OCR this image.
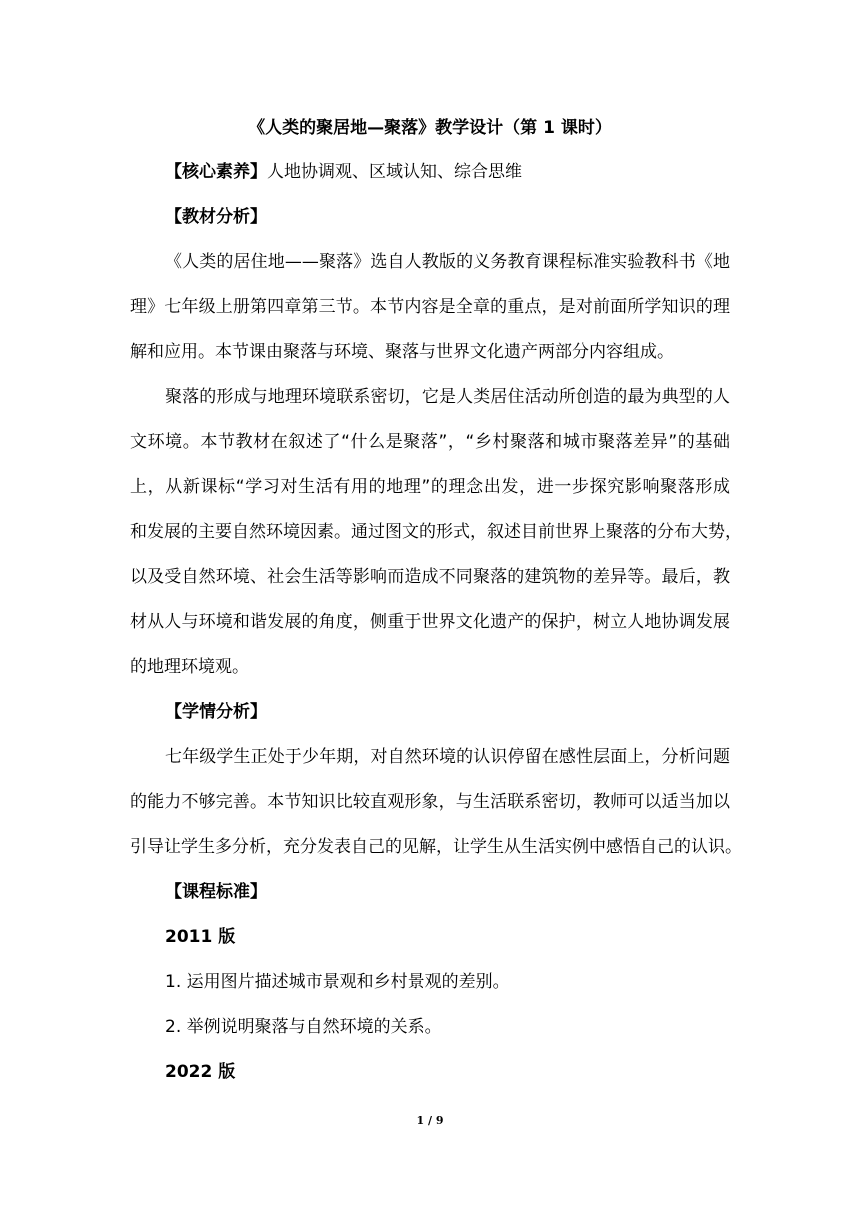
《人类的聚居地—聚落》教学设计（第 1 课时）
【核心素养】人地协调观、区域认知、综合思维
【教材分析】

《人类的居住地——聚落》选自人教版的义务教育课程标准实验教科书《地

理》七年级上册第四章第三节。本节内容是全章的重点，是对前面所学知识的理

解和应用。本节课由聚落与环境、聚落与世界文化遗产两部分内容组成。

聚落的形成与地理环境联系密切，它是人类居住活动所创造的最为典型的人

文环境。本节教材在叙述了“什么是聚落”，“乡村聚落和城市聚落差异”的基础

上，从新课标“学习对生活有用的地理”的理念出发，进一步探究影响聚落形成

和发展的主要自然环境因素。通过图文的形式，叙述目前世界上聚落的分布大势，

以及受自然环境、社会生活等影响而造成不同聚落的建筑物的差异等。最后，教

材从人与环境和谐发展的角度，侧重于世界文化遗产的保护，树立人地协调发展

的地理环境观。

【学情分析】

七年级学生正处于少年期，对自然环境的认识停留在感性层面上，分析问题

的能力不够完善。本节知识比较直观形象，与生活联系密切，教师可以适当加以

引导让学生多分析，充分发表自己的见解，让学生从生活实例中感悟自己的认识。

【课程标准】
2011 版
1. 运用图片描述城市景观和乡村景观的差别。
2. 举例说明聚落与自然环境的关系。
2022 版
1 / 9
